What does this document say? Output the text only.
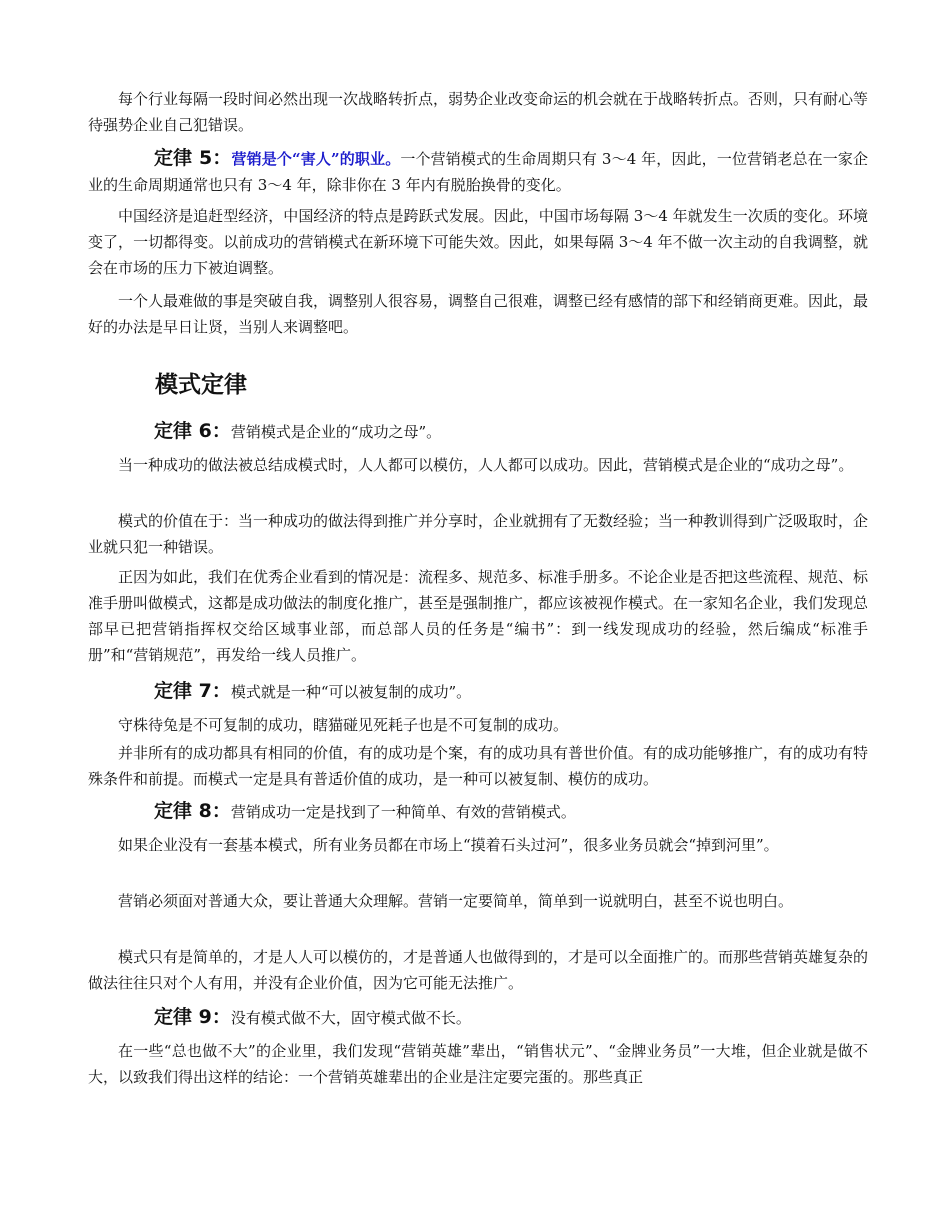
每个行业每隔一段时间必然出现一次战略转折点，弱势企业改变命运的机会就在于战略转折点。否则，只有耐心等待强势企业自己犯错误。

定律 5：营销是个“害人”的职业。一个营销模式的生命周期只有 3～4 年，因此，一位营销老总在一家企业的生命周期通常也只有 3～4 年，除非你在 3 年内有脱胎换骨的变化。

中国经济是追赶型经济，中国经济的特点是跨跃式发展。因此，中国市场每隔 3～4 年就发生一次质的变化。环境变了，一切都得变。以前成功的营销模式在新环境下可能失效。因此，如果每隔 3～4 年不做一次主动的自我调整，就会在市场的压力下被迫调整。

一个人最难做的事是突破自我，调整别人很容易，调整自己很难，调整已经有感情的部下和经销商更难。因此，最好的办法是早日让贤，当别人来调整吧。

模式定律

定律 6：营销模式是企业的“成功之母”。

当一种成功的做法被总结成模式时，人人都可以模仿，人人都可以成功。因此，营销模式是企业的“成功之母”。

模式的价值在于：当一种成功的做法得到推广并分享时，企业就拥有了无数经验；当一种教训得到广泛吸取时，企业就只犯一种错误。

正因为如此，我们在优秀企业看到的情况是：流程多、规范多、标准手册多。不论企业是否把这些流程、规范、标准手册叫做模式，这都是成功做法的制度化推广，甚至是强制推广，都应该被视作模式。在一家知名企业，我们发现总部早已把营销指挥权交给区域事业部，而总部人员的任务是“编书”：到一线发现成功的经验，然后编成“标准手册”和“营销规范”，再发给一线人员推广。

定律 7：模式就是一种“可以被复制的成功”。

守株待兔是不可复制的成功，瞎猫碰见死耗子也是不可复制的成功。

并非所有的成功都具有相同的价值，有的成功是个案，有的成功具有普世价值。有的成功能够推广，有的成功有特殊条件和前提。而模式一定是具有普适价值的成功，是一种可以被复制、模仿的成功。

定律 8：营销成功一定是找到了一种简单、有效的营销模式。

如果企业没有一套基本模式，所有业务员都在市场上“摸着石头过河”，很多业务员就会“掉到河里”。

营销必须面对普通大众，要让普通大众理解。营销一定要简单，简单到一说就明白，甚至不说也明白。

模式只有是简单的，才是人人可以模仿的，才是普通人也做得到的，才是可以全面推广的。而那些营销英雄复杂的做法往往只对个人有用，并没有企业价值，因为它可能无法推广。

定律 9：没有模式做不大，固守模式做不长。

在一些“总也做不大”的企业里，我们发现“营销英雄”辈出，“销售状元”、“金牌业务员”一大堆，但企业就是做不大，以致我们得出这样的结论：一个营销英雄辈出的企业是注定要完蛋的。那些真正
